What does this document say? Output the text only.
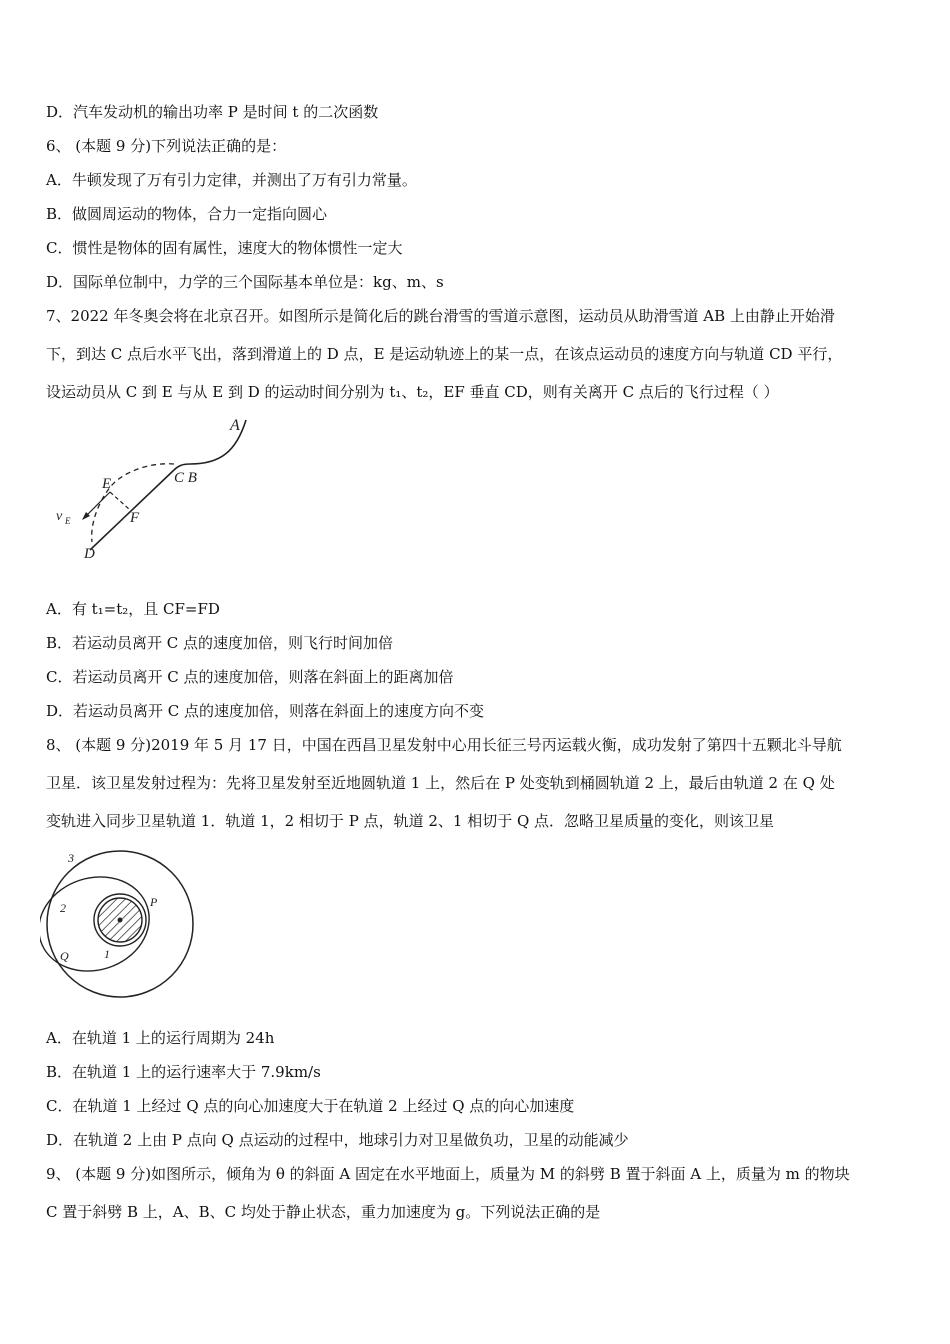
D．汽车发动机的输出功率 P 是时间 t 的二次函数
6、 (本题 9 分)下列说法正确的是：
A．牛顿发现了万有引力定律，并测出了万有引力常量。
B．做圆周运动的物体，合力一定指向圆心
C．惯性是物体的固有属性，速度大的物体惯性一定大
D．国际单位制中，力学的三个国际基本单位是：kg、m、s
7、2022 年冬奥会将在北京召开。如图所示是简化后的跳台滑雪的雪道示意图，运动员从助滑雪道 AB 上由静止开始滑
下，到达 C 点后水平飞出，落到滑道上的 D 点，E 是运动轨迹上的某一点，在该点运动员的速度方向与轨道 CD 平行，
设运动员从 C 到 E 与从 E 到 D 的运动时间分别为 t₁、t₂，EF 垂直 CD，则有关离开 C 点后的飞行过程（ ）
A
C B
E
F
D
v E
A．有 t₁=t₂，且 CF=FD
B．若运动员离开 C 点的速度加倍，则飞行时间加倍
C．若运动员离开 C 点的速度加倍，则落在斜面上的距离加倍
D．若运动员离开 C 点的速度加倍，则落在斜面上的速度方向不变
8、 (本题 9 分)2019 年 5 月 17 日，中国在西昌卫星发射中心用长征三号丙运载火衡，成功发射了第四十五颗北斗导航
卫星．该卫星发射过程为：先将卫星发射至近地圆轨道 1 上，然后在 P 处变轨到桶圆轨道 2 上，最后由轨道 2 在 Q 处
变轨进入同步卫星轨道 1．轨道 1，2 相切于 P 点，轨道 2、1 相切于 Q 点．忽略卫星质量的变化，则该卫星
3
2
1
P
Q
A．在轨道 1 上的运行周期为 24h
B．在轨道 1 上的运行速率大于 7.9km/s
C．在轨道 1 上经过 Q 点的向心加速度大于在轨道 2 上经过 Q 点的向心加速度
D．在轨道 2 上由 P 点向 Q 点运动的过程中，地球引力对卫星做负功，卫星的动能减少
9、 (本题 9 分)如图所示，倾角为 θ 的斜面 A 固定在水平地面上，质量为 M 的斜劈 B 置于斜面 A 上，质量为 m 的物块
C 置于斜劈 B 上，A、B、C 均处于静止状态，重力加速度为 g。下列说法正确的是
